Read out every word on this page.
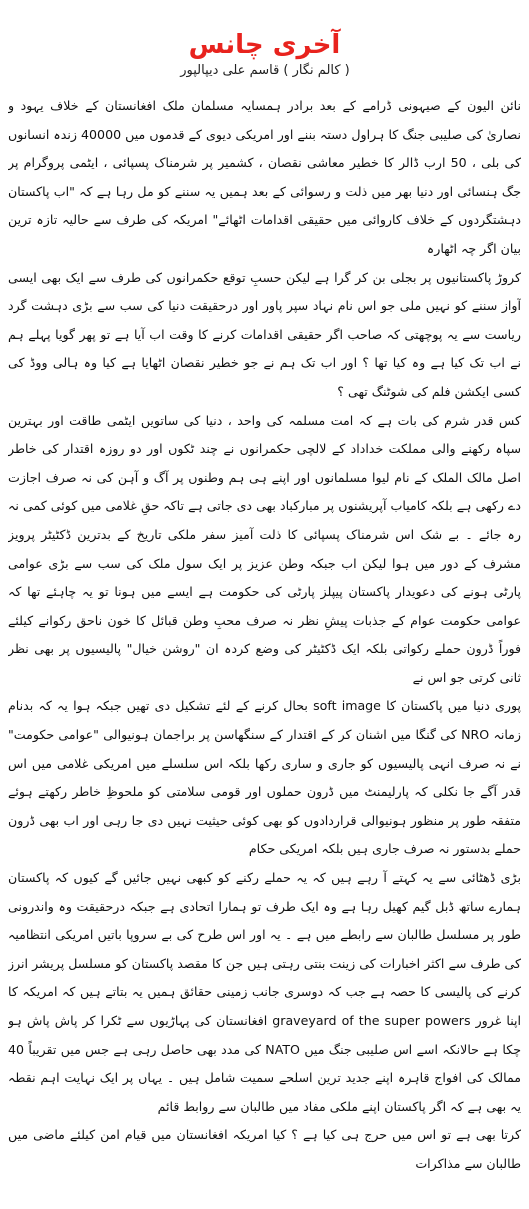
آخری چانس
( کالم نگار ) قاسم علی دیپالپور

نائن الیون کے صیہونی ڈرامے کے بعد برادر ہمسایہ مسلمان ملک افغانستان کے خلاف یہود و نصاریٰ کی صلیبی جنگ کا ہراول دستہ بننے اور امریکی دیوی کے قدموں میں 40000 زندہ انسانوں کی بلی ، 50 ارب ڈالر کا خطیر معاشی نقصان ، کشمیر پر شرمناک پسپائی ، ایٹمی پروگرام پر جگ ہنسائی اور دنیا بھر میں ذلت و رسوائی کے بعد ہمیں یہ سننے کو مل رہا ہے کہ "اب پاکستان دہشتگردوں کے خلاف کاروائی میں حقیقی اقدامات اٹھائے" امریکہ کی طرف سے حالیہ تازہ ترین بیان اگر چہ اٹھارہ

کروڑ پاکستانیوں پر بجلی بن کر گرا ہے لیکن حسبِ توقع حکمرانوں کی طرف سے ایک بھی ایسی آواز سننے کو نہیں ملی جو اس نام نہاد سپر پاور اور درحقیقت دنیا کی سب سے بڑی دہشت گرد ریاست سے یہ پوچھتی کہ صاحب اگر حقیقی اقدامات کرنے کا وقت اب آیا ہے تو پھر گویا پہلے ہم نے اب تک کیا ہے وہ کیا تھا ؟ اور اب تک ہم نے جو خطیر نقصان اٹھایا ہے کیا وہ ہالی ووڈ کی کسی ایکشن فلم کی شوٹنگ تھی ؟

کس قدر شرم کی بات ہے کہ امت مسلمہ کی واحد ، دنیا کی ساتویں ایٹمی طاقت اور بہترین سپاہ رکھنے والی مملکت خداداد کے لالچی حکمرانوں نے چند ٹکوں اور دو روزہ اقتدار کی خاطر اصل مالک الملک کے نام لیوا مسلمانوں اور اپنے ہی ہم وطنوں پر آگ و آہن کی نہ صرف اجازت دے رکھی ہے بلکہ کامیاب آپریشنوں پر مبارکباد بھی دی جاتی ہے تاکہ حقِ غلامی میں کوئی کمی نہ رہ جائے ۔ بے شک اس شرمناک پسپائی کا ذلت آمیز سفر ملکی تاریخ کے بدترین ڈکٹیٹر پرویز مشرف کے دور میں ہوا لیکن اب جبکہ وطن عزیز پر ایک سول ملک کی سب سے بڑی عوامی پارٹی ہونے کی دعویدار پاکستان پیپلز پارٹی کی حکومت ہے ایسے میں ہونا تو یہ چاہئے تھا کہ عوامی حکومت عوام کے جذبات پیشِ نظر نہ صرف محبِ وطن قبائل کا خون ناحق رکوانے کیلئے فوراً ڈرون حملے رکواتی بلکہ ایک ڈکٹیٹر کی وضع کردہ ان "روشن خیال" پالیسیوں پر بھی نظر ثانی کرتی جو اس نے

پوری دنیا میں پاکستان کا soft image بحال کرنے کے لئے تشکیل دی تھیں جبکہ ہوا یہ کہ بدنام زمانہ NRO کی گنگا میں اشنان کر کے اقتدار کے سنگھاسن پر براجمان ہونیوالی "عوامی حکومت" نے نہ صرف انہی پالیسیوں کو جاری و ساری رکھا بلکہ اس سلسلے میں امریکی غلامی میں اس قدر آگے جا نکلی کہ پارلیمنٹ میں ڈرون حملوں اور قومی سلامتی کو ملحوظِ خاطر رکھتے ہوئے متفقہ طور پر منظور ہونیوالی قراردادوں کو بھی کوئی حیثیت نہیں دی جا رہی اور اب بھی ڈرون حملے بدستور نہ صرف جاری ہیں بلکہ امریکی حکام

بڑی ڈھٹائی سے یہ کہتے آ رہے ہیں کہ یہ حملے رکنے کو کبھی نہیں جائیں گے کیوں کہ پاکستان ہمارے ساتھ ڈبل گیم کھیل رہا ہے وہ ایک طرف تو ہمارا اتحادی ہے جبکہ درحقیقت وہ واندرونی طور پر مسلسل طالبان سے رابطے میں ہے ۔ یہ اور اس طرح کی بے سروپا باتیں امریکی انتظامیہ کی طرف سے اکثر اخبارات کی زینت بنتی رہتی ہیں جن کا مقصد پاکستان کو مسلسل پریشر انرز کرنے کی پالیسی کا حصہ ہے جب کہ دوسری جانب زمینی حقائق ہمیں یہ بتاتے ہیں کہ امریکہ کا اپنا غرور graveyard of the super powers افغانستان کی پہاڑیوں سے ٹکرا کر پاش پاش ہو چکا ہے حالانکہ اسے اس صلیبی جنگ میں NATO کی مدد بھی حاصل رہی ہے جس میں تقریباً 40 ممالک کی افواج قاہرہ اپنے جدید ترین اسلحے سمیت شامل ہیں ۔ یہاں پر ایک نہایت اہم نقطہ یہ بھی ہے کہ اگر پاکستان اپنے ملکی مفاد میں طالبان سے روابط قائم

کرتا بھی ہے تو اس میں حرج ہی کیا ہے ؟ کیا امریکہ افغانستان میں قیام امن کیلئے ماضی میں طالبان سے مذاکرات
